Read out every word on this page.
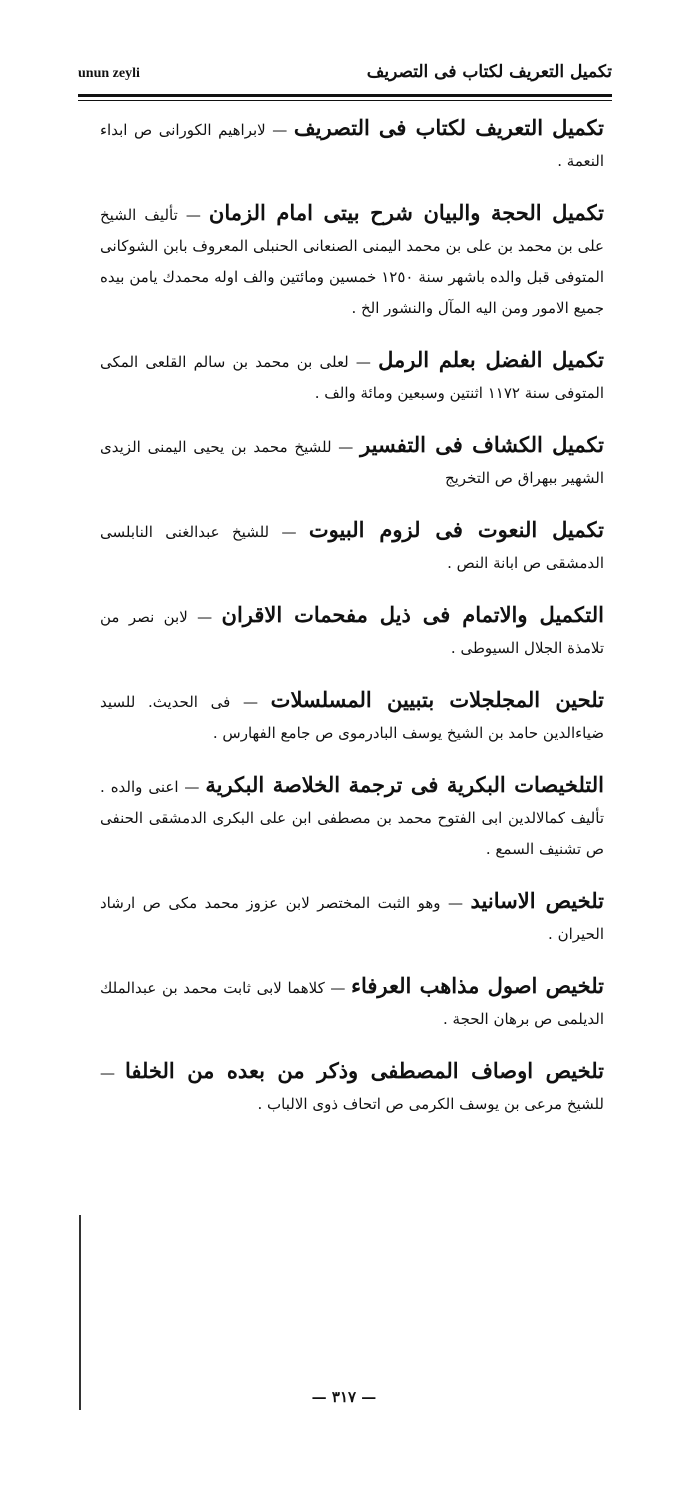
unun zeyli	تكميل التعريف لكتاب فى التصريف

تكميل التعريف لكتاب فى التصريف — لابراهيم الكورانى ص ابداء النعمة .

تكميل الحجة والبيان شرح بيتى امام الزمان — تأليف الشيخ على بن محمد بن على بن محمد اليمنى الصنعانى الحنبلى المعروف بابن الشوكانى المتوفى قبل والده باشهر سنة ١٢٥٠ خمسين ومائتين والف اوله محمدك يامن بيده جميع الامور ومن اليه المآل والنشور الخ .

تكميل الفضل بعلم الرمل — لعلى بن محمد بن سالم القلعى المكى المتوفى سنة ١١٧٢ اثنتين وسبعين ومائة والف .

تكميل الكشاف فى التفسير — للشيخ محمد بن يحيى اليمنى الزيدى الشهير ببهراق ص التخريج

تكميل النعوت فى لزوم البيوت — للشيخ عبدالغنى النابلسى الدمشقى ص ابانة النص .

التكميل والاتمام فى ذيل مفحمات الاقران — لابن نصر من تلامذة الجلال السيوطى .

تلحين المجلجلات بتبيين المسلسلات — فى الحديث. للسيد ضياءالدين حامد بن الشيخ يوسف البادرموى ص جامع الفهارس .

التلخيصات البكرية فى ترجمة الخلاصة البكرية — اعنى والده . تأليف كمالالدين ابى الفتوح محمد بن مصطفى ابن على البكرى الدمشقى الحنفى ص تشنيف السمع .

تلخيص الاسانيد — وهو الثبت المختصر لابن عزوز محمد مكى ص ارشاد الحيران .

تلخيص اصول مذاهب العرفاء — كلاهما لابى ثابت محمد بن عبدالملك الديلمى ص برهان الحجة .

تلخيص اوصاف المصطفى وذكر من بعده من الخلفا — للشيخ مرعى بن يوسف الكرمى ص اتحاف ذوى الالباب .

— ٣١٧ —
